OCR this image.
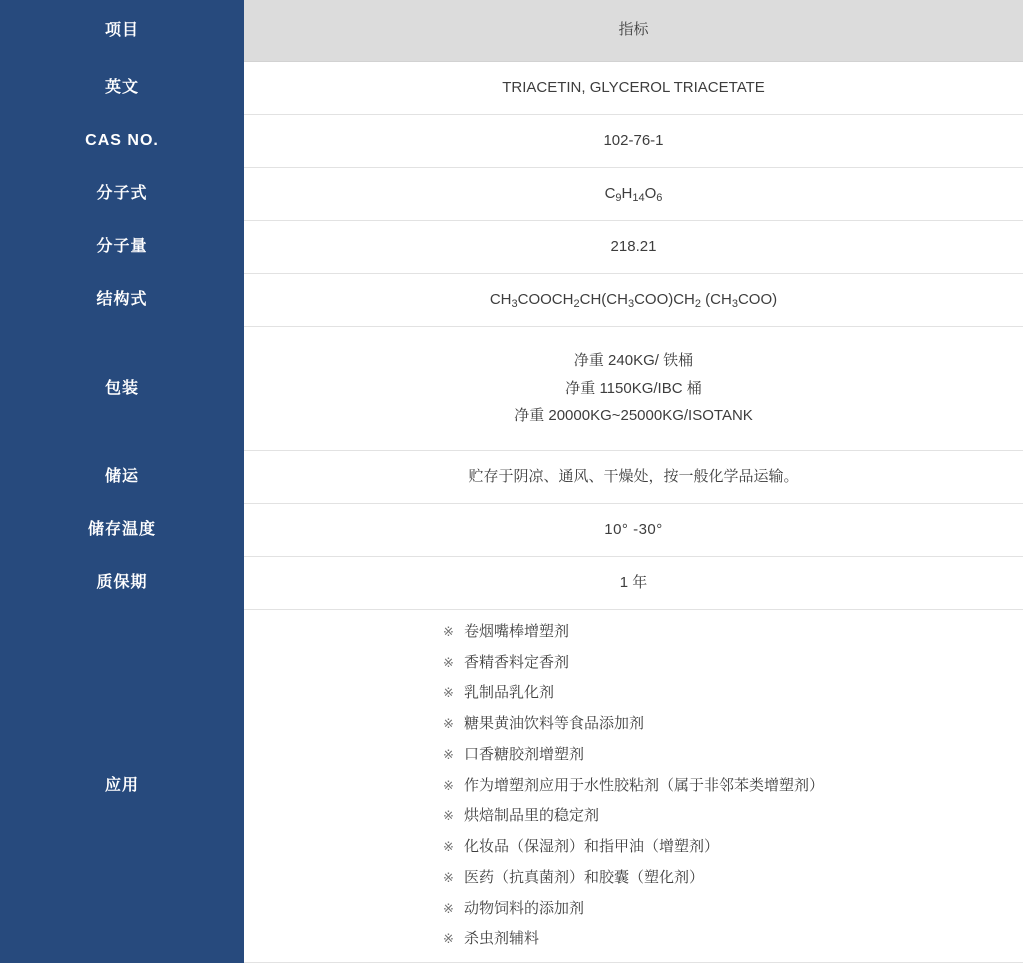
项目	指标
英文	TRIACETIN, GLYCEROL TRIACETATE
CAS NO.	102-76-1
分子式	$C_9H_{14}O_6$
分子量	218.21
结构式	$CH_3COOCH_2CH(CH_3COO)CH_2$ $(CH_3COO)$
包装	净重 240KG/ 铁桶
净重 1150KG/IBC 桶
净重 20000KG~25000KG/ISOTANK

储运	贮存于阴凉、通风、干燥处，按一般化学品运输。
储存温度	10° -30°
质保期	1 年
应用	
※ 卷烟嘴棒增塑剂
※ 香精香料定香剂
※ 乳制品乳化剂
※ 糖果黄油饮料等食品添加剂
※ 口香糖胶剂增塑剂
※ 作为增塑剂应用于水性胶粘剂（属于非邻苯类增塑剂）
※ 烘焙制品里的稳定剂
※ 化妆品（保湿剂）和指甲油（增塑剂）
※ 医药（抗真菌剂）和胶囊（塑化剂）
※ 动物饲料的添加剂
※ 杀虫剂辅料
